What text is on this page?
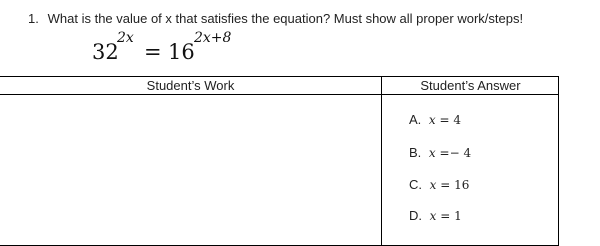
1. What is the value of x that satisfies the equation? Must show all proper work/steps!
32
2x
= 16
2x+8
Student’s Work	Student’s Answer
A. x = 4
B. x =− 4
C. x = 16
D. x = 1
